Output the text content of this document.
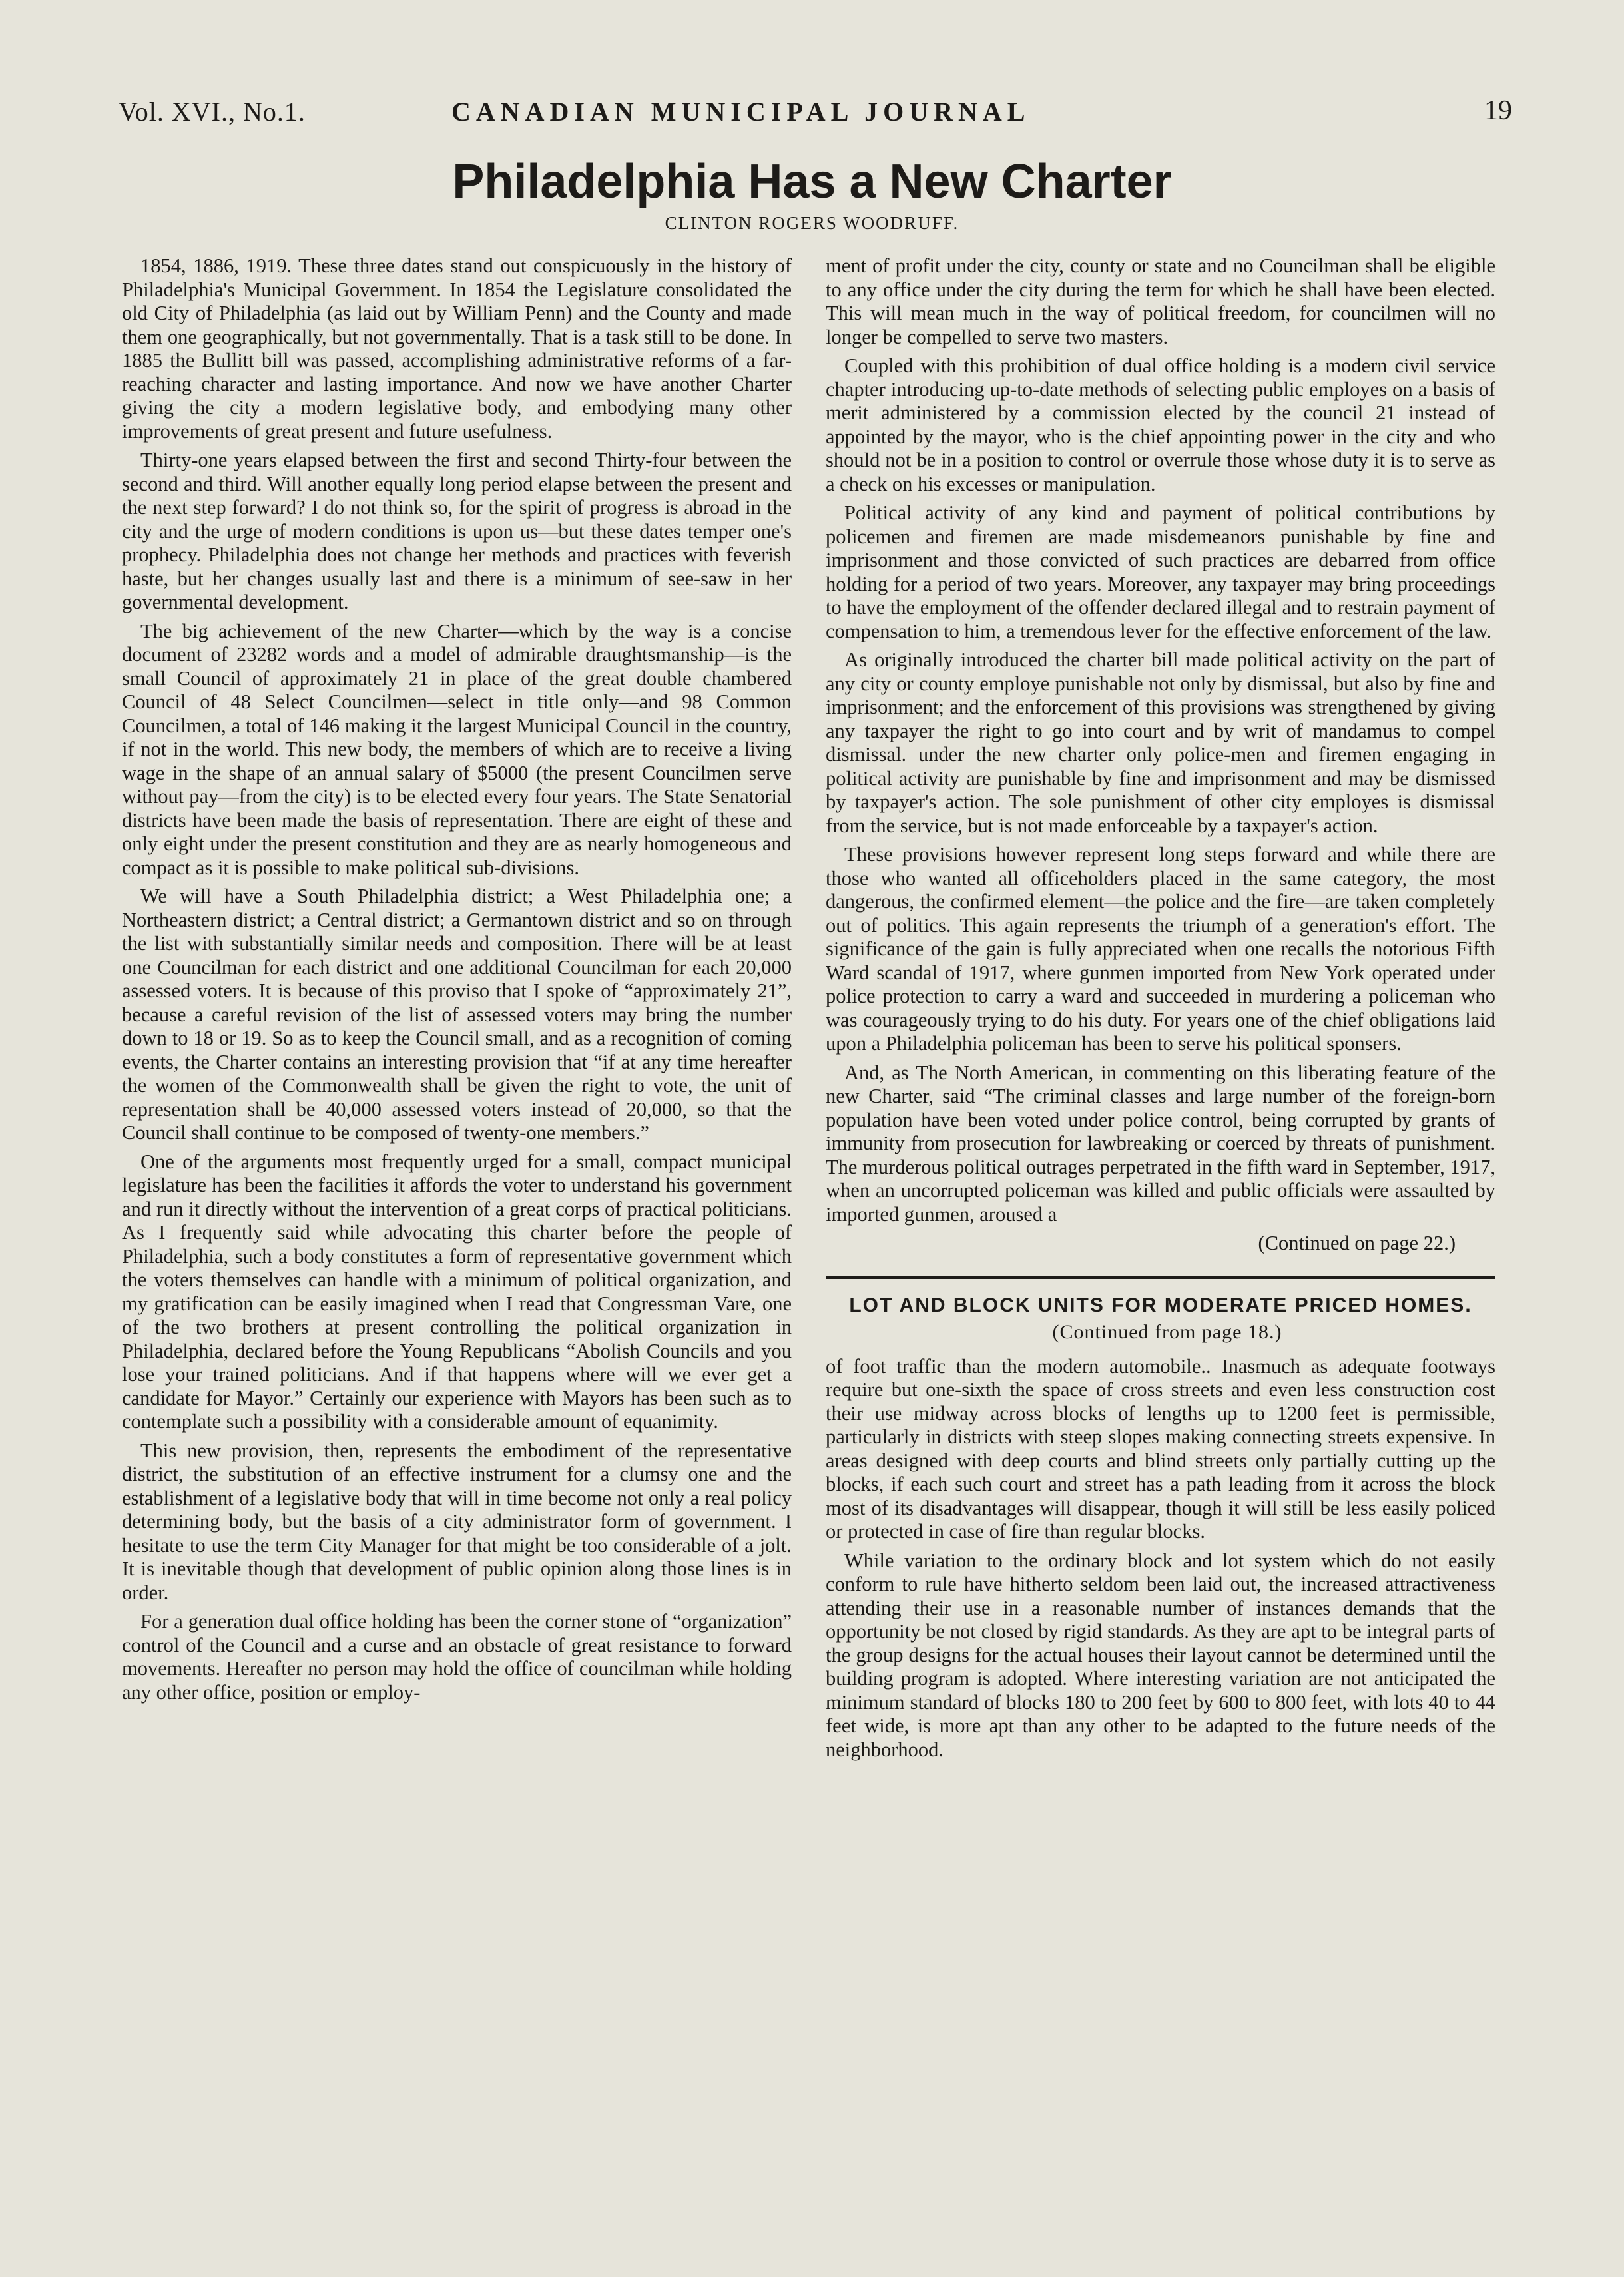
Vol. XVI., No.1.	CANADIAN MUNICIPAL JOURNAL	19
Philadelphia Has a New Charter
CLINTON ROGERS WOODRUFF.

1854, 1886, 1919. These three dates stand out conspicuously in the history of Philadelphia's Municipal Government. In 1854 the Legislature consolidated the old City of Philadelphia (as laid out by William Penn) and the County and made them one geographically, but not governmentally. That is a task still to be done. In 1885 the Bullitt bill was passed, accomplishing administrative reforms of a far-reaching character and lasting importance. And now we have another Charter giving the city a modern legislative body, and embodying many other improvements of great present and future usefulness.

Thirty-one years elapsed between the first and second Thirty-four between the second and third. Will another equally long period elapse between the present and the next step forward? I do not think so, for the spirit of progress is abroad in the city and the urge of modern conditions is upon us—but these dates temper one's prophecy. Philadelphia does not change her methods and practices with feverish haste, but her changes usually last and there is a minimum of see-saw in her governmental development.

The big achievement of the new Charter—which by the way is a concise document of 23282 words and a model of admirable draughtsmanship—is the small Council of approximately 21 in place of the great double chambered Council of 48 Select Councilmen—select in title only—and 98 Common Councilmen, a total of 146 making it the largest Municipal Council in the country, if not in the world. This new body, the members of which are to receive a living wage in the shape of an annual salary of $5000 (the present Councilmen serve without pay—from the city) is to be elected every four years. The State Senatorial districts have been made the basis of representation. There are eight of these and only eight under the present constitution and they are as nearly homogeneous and compact as it is possible to make political sub-divisions.

We will have a South Philadelphia district; a West Philadelphia one; a Northeastern district; a Central district; a Germantown district and so on through the list with substantially similar needs and composition. There will be at least one Councilman for each district and one additional Councilman for each 20,000 assessed voters. It is because of this proviso that I spoke of “approximately 21”, because a careful revision of the list of assessed voters may bring the number down to 18 or 19. So as to keep the Council small, and as a recognition of coming events, the Charter contains an interesting provision that “if at any time hereafter the women of the Commonwealth shall be given the right to vote, the unit of representation shall be 40,000 assessed voters instead of 20,000, so that the Council shall continue to be composed of twenty-one members.”

One of the arguments most frequently urged for a small, compact municipal legislature has been the facilities it affords the voter to understand his government and run it directly without the intervention of a great corps of practical politicians. As I frequently said while advocating this charter before the people of Philadelphia, such a body constitutes a form of representative government which the voters themselves can handle with a minimum of political organization, and my gratification can be easily imagined when I read that Congressman Vare, one of the two brothers at present controlling the political organization in Philadelphia, declared before the Young Republicans “Abolish Councils and you lose your trained politicians. And if that happens where will we ever get a candidate for Mayor.” Certainly our experience with Mayors has been such as to contemplate such a possibility with a considerable amount of equanimity.

This new provision, then, represents the embodiment of the representative district, the substitution of an effective instrument for a clumsy one and the establishment of a legislative body that will in time become not only a real policy determining body, but the basis of a city administrator form of government. I hesitate to use the term City Manager for that might be too considerable of a jolt. It is inevitable though that development of public opinion along those lines is in order.

For a generation dual office holding has been the corner stone of “organization” control of the Council and a curse and an obstacle of great resistance to forward movements. Hereafter no person may hold the office of councilman while holding any other office, position or employ-

ment of profit under the city, county or state and no Councilman shall be eligible to any office under the city during the term for which he shall have been elected. This will mean much in the way of political freedom, for councilmen will no longer be compelled to serve two masters.

Coupled with this prohibition of dual office holding is a modern civil service chapter introducing up-to-date methods of selecting public employes on a basis of merit administered by a commission elected by the council 21 instead of appointed by the mayor, who is the chief appointing power in the city and who should not be in a position to control or overrule those whose duty it is to serve as a check on his excesses or manipulation.

Political activity of any kind and payment of political contributions by policemen and firemen are made misdemeanors punishable by fine and imprisonment and those convicted of such practices are debarred from office holding for a period of two years. Moreover, any taxpayer may bring proceedings to have the employment of the offender declared illegal and to restrain payment of compensation to him, a tremendous lever for the effective enforcement of the law.

As originally introduced the charter bill made political activity on the part of any city or county employe punishable not only by dismissal, but also by fine and imprisonment; and the enforcement of this provisions was strengthened by giving any taxpayer the right to go into court and by writ of mandamus to compel dismissal. under the new charter only police-men and firemen engaging in political activity are punishable by fine and imprisonment and may be dismissed by taxpayer's action. The sole punishment of other city employes is dismissal from the service, but is not made enforceable by a taxpayer's action.

These provisions however represent long steps forward and while there are those who wanted all officeholders placed in the same category, the most dangerous, the confirmed element—the police and the fire—are taken completely out of politics. This again represents the triumph of a generation's effort. The significance of the gain is fully appreciated when one recalls the notorious Fifth Ward scandal of 1917, where gunmen imported from New York operated under police protection to carry a ward and succeeded in murdering a policeman who was courageously trying to do his duty. For years one of the chief obligations laid upon a Philadelphia policeman has been to serve his political sponsers.

And, as The North American, in commenting on this liberating feature of the new Charter, said “The criminal classes and large number of the foreign-born population have been voted under police control, being corrupted by grants of immunity from prosecution for lawbreaking or coerced by threats of punishment. The murderous political outrages perpetrated in the fifth ward in September, 1917, when an uncorrupted policeman was killed and public officials were assaulted by imported gunmen, aroused a

(Continued on page 22.)

LOT AND BLOCK UNITS FOR MODERATE PRICED HOMES. (Continued from page 18.)

of foot traffic than the modern automobile.. Inasmuch as adequate footways require but one-sixth the space of cross streets and even less construction cost their use midway across blocks of lengths up to 1200 feet is permissible, particularly in districts with steep slopes making connecting streets expensive. In areas designed with deep courts and blind streets only partially cutting up the blocks, if each such court and street has a path leading from it across the block most of its disadvantages will disappear, though it will still be less easily policed or protected in case of fire than regular blocks.

While variation to the ordinary block and lot system which do not easily conform to rule have hitherto seldom been laid out, the increased attractiveness attending their use in a reasonable number of instances demands that the opportunity be not closed by rigid standards. As they are apt to be integral parts of the group designs for the actual houses their layout cannot be determined until the building program is adopted. Where interesting variation are not anticipated the minimum standard of blocks 180 to 200 feet by 600 to 800 feet, with lots 40 to 44 feet wide, is more apt than any other to be adapted to the future needs of the neighborhood.
